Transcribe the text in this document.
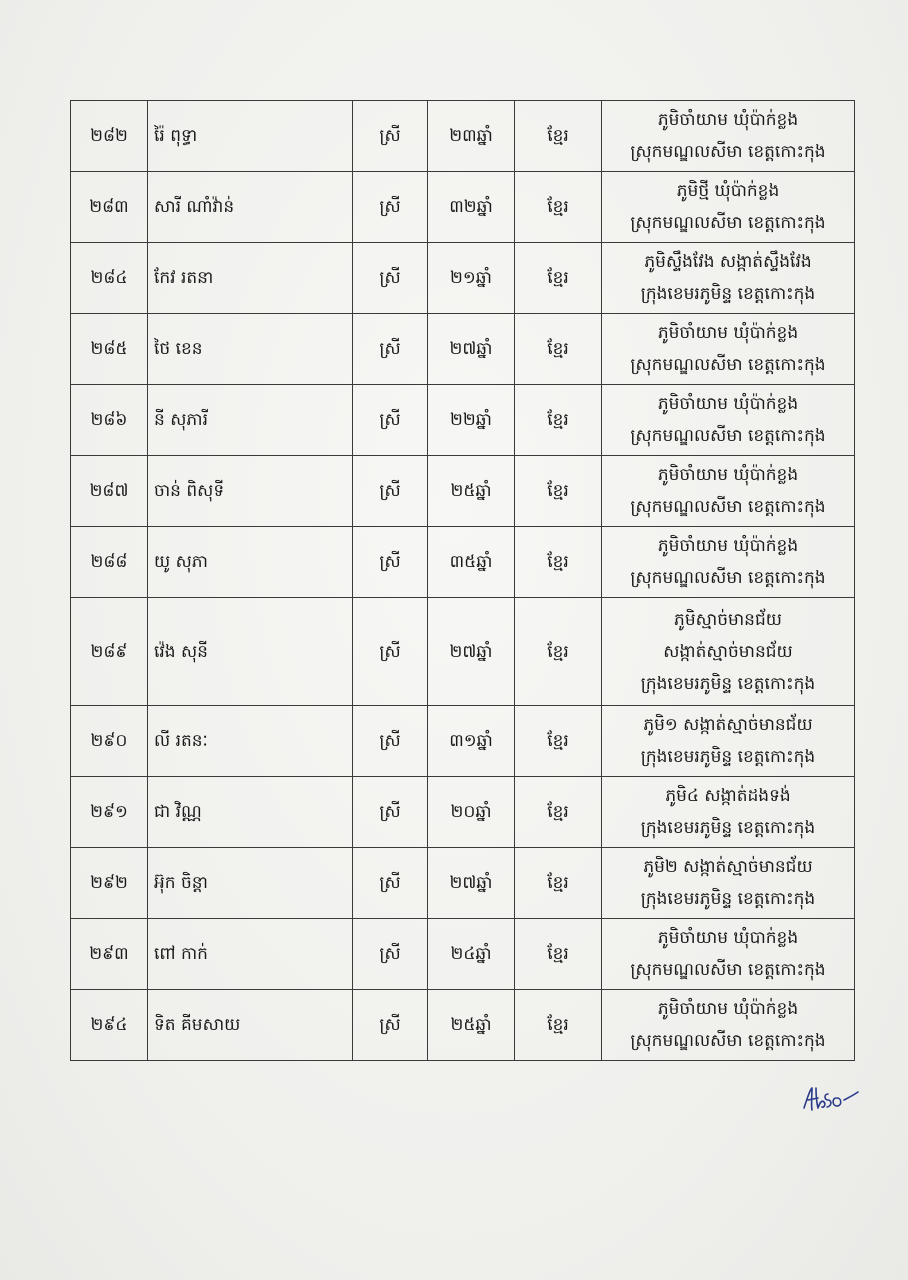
២៨២	រ៉ៃ ពុទ្ធា	ស្រី	២៣ឆ្នាំ	ខ្មែរ	ភូមិចាំយាម ឃុំប៉ាក់ខ្លង
ស្រុកមណ្ឌលសីមា ខេត្តកោះកុង

២៨៣	សារី ណាំវ៉ាន់	ស្រី	៣២ឆ្នាំ	ខ្មែរ	ភូមិថ្មី ឃុំប៉ាក់ខ្លង
ស្រុកមណ្ឌលសីមា ខេត្តកោះកុង

២៨៤	កែវ រតនា	ស្រី	២១ឆ្នាំ	ខ្មែរ	ភូមិស្ទឹងវែង សង្កាត់ស្ទឹងវែង
ក្រុងខេមរភូមិន្ទ ខេត្តកោះកុង

២៨៥	ថៃ ខេន	ស្រី	២៧ឆ្នាំ	ខ្មែរ	ភូមិចាំយាម ឃុំប៉ាក់ខ្លង
ស្រុកមណ្ឌលសីមា ខេត្តកោះកុង

២៨៦	នី សុភារី	ស្រី	២២ឆ្នាំ	ខ្មែរ	ភូមិចាំយាម ឃុំប៉ាក់ខ្លង
ស្រុកមណ្ឌលសីមា ខេត្តកោះកុង

២៨៧	ចាន់ ពិសុទី	ស្រី	២៥ឆ្នាំ	ខ្មែរ	ភូមិចាំយាម ឃុំប៉ាក់ខ្លង
ស្រុកមណ្ឌលសីមា ខេត្តកោះកុង

២៨៨	យូ សុភា	ស្រី	៣៥ឆ្នាំ	ខ្មែរ	ភូមិចាំយាម ឃុំប៉ាក់ខ្លង
ស្រុកមណ្ឌលសីមា ខេត្តកោះកុង

២៨៩	វ៉េង សុនី	ស្រី	២៧ឆ្នាំ	ខ្មែរ	ភូមិស្មាច់មានជ័យ
សង្កាត់ស្មាច់មានជ័យ
ក្រុងខេមរភូមិន្ទ ខេត្តកោះកុង

២៩០	លី រតនៈ	ស្រី	៣១ឆ្នាំ	ខ្មែរ	ភូមិ១ សង្កាត់ស្មាច់មានជ័យ
ក្រុងខេមរភូមិន្ទ ខេត្តកោះកុង

២៩១	ជា វិណ្ណ	ស្រី	២០ឆ្នាំ	ខ្មែរ	ភូមិ៤ សង្កាត់ដងទង់
ក្រុងខេមរភូមិន្ទ ខេត្តកោះកុង

២៩២	អ៊ុក ចិន្តា	ស្រី	២៧ឆ្នាំ	ខ្មែរ	ភូមិ២ សង្កាត់ស្មាច់មានជ័យ
ក្រុងខេមរភូមិន្ទ ខេត្តកោះកុង

២៩៣	ពៅ កាក់	ស្រី	២៤ឆ្នាំ	ខ្មែរ	ភូមិចាំយាម ឃុំបាក់ខ្លង
ស្រុកមណ្ឌលសីមា ខេត្តកោះកុង

២៩៤	ទិត គីមសាយ	ស្រី	២៥ឆ្នាំ	ខ្មែរ	ភូមិចាំយាម ឃុំប៉ាក់ខ្លង
ស្រុកមណ្ឌលសីមា ខេត្តកោះកុង
